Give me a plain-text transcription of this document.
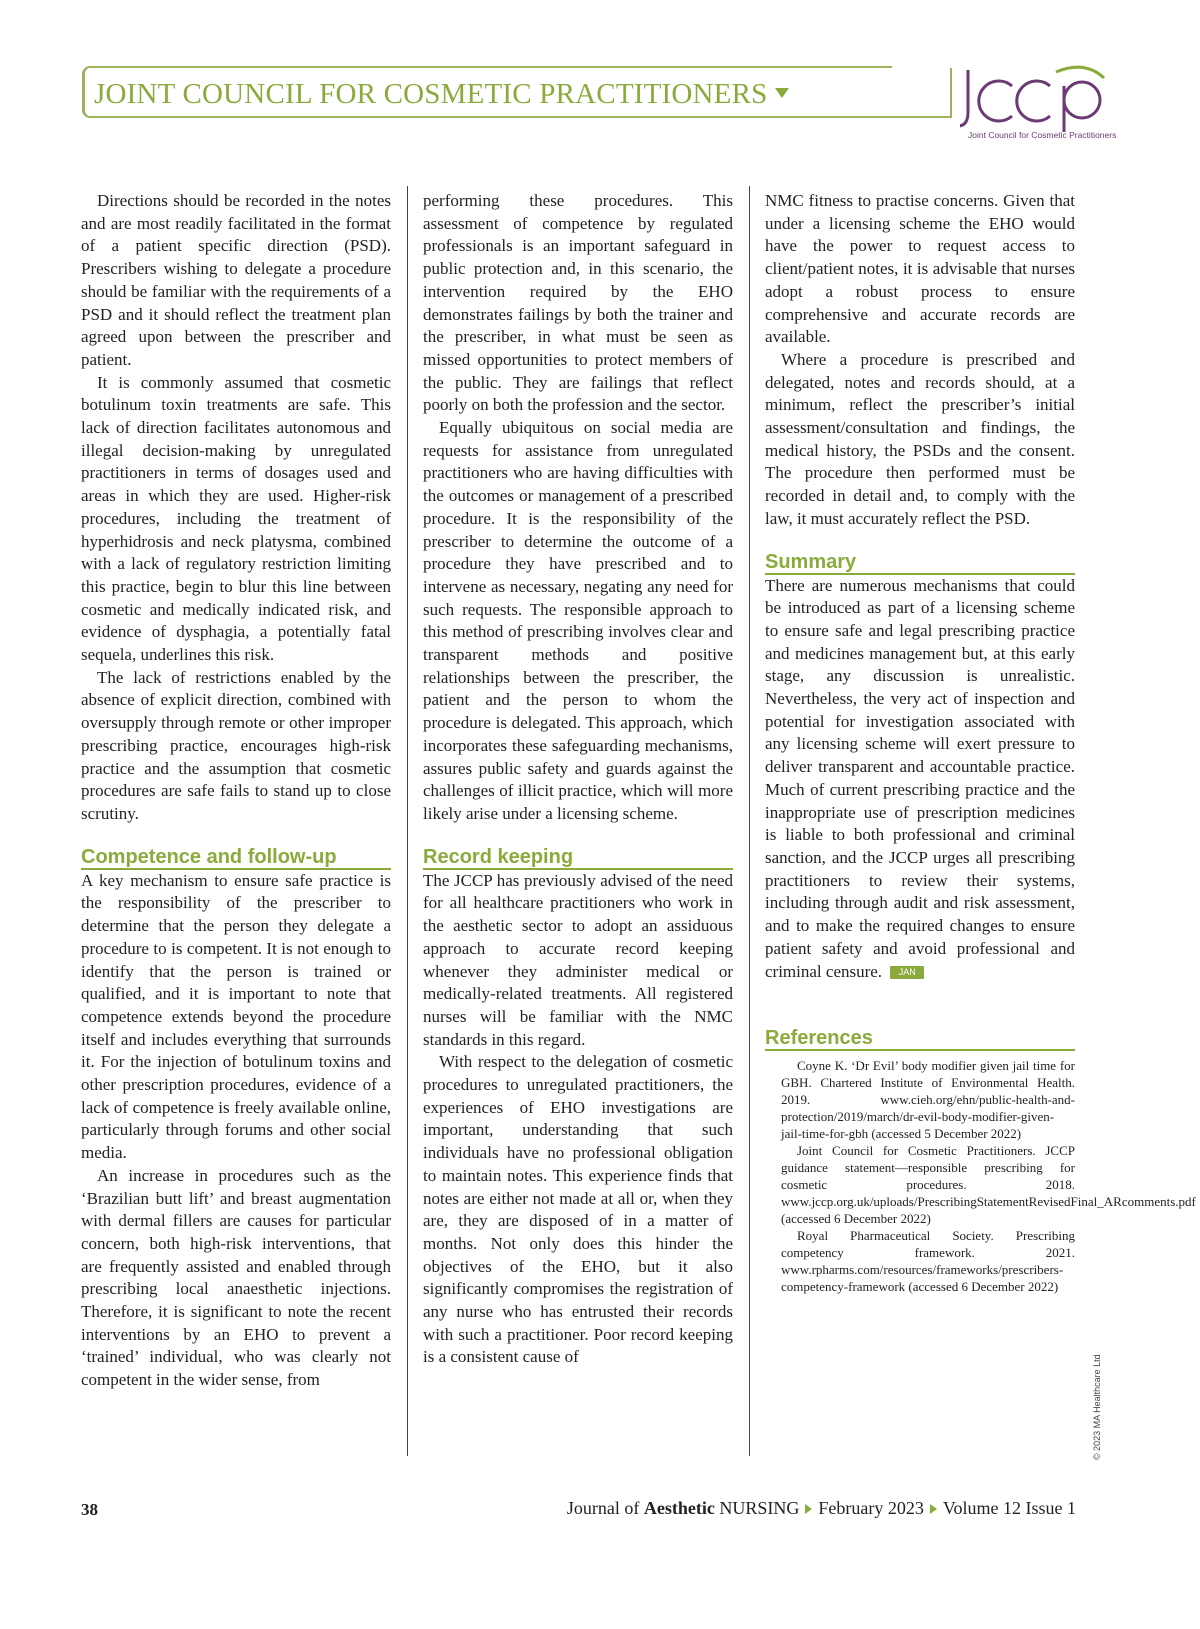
JOINT COUNCIL FOR COSMETIC PRACTITIONERS
Joint Council for Cosmetic Practitioners

Directions should be recorded in the notes and are most readily facilitated in the format of a patient specific direction (PSD). Prescribers wishing to delegate a procedure should be familiar with the requirements of a PSD and it should reflect the treatment plan agreed upon between the prescriber and patient.

It is commonly assumed that cosmetic botulinum toxin treatments are safe. This lack of direction facilitates autonomous and illegal decision-making by unregulated practitioners in terms of dosages used and areas in which they are used. Higher-risk procedures, including the treatment of hyperhidrosis and neck platysma, combined with a lack of regulatory restriction limiting this practice, begin to blur this line between cosmetic and medically indicated risk, and evidence of dysphagia, a potentially fatal sequela, underlines this risk.

The lack of restrictions enabled by the absence of explicit direction, combined with oversupply through remote or other improper prescribing practice, encourages high-risk practice and the assumption that cosmetic procedures are safe fails to stand up to close scrutiny.

Competence and follow-up

A key mechanism to ensure safe practice is the responsibility of the prescriber to determine that the person they delegate a procedure to is competent. It is not enough to identify that the person is trained or qualified, and it is important to note that competence extends beyond the procedure itself and includes everything that surrounds it. For the injection of botulinum toxins and other prescription procedures, evidence of a lack of competence is freely available online, particularly through forums and other social media.

An increase in procedures such as the ‘Brazilian butt lift’ and breast augmentation with dermal fillers are causes for particular concern, both high-risk interventions, that are frequently assisted and enabled through prescribing local anaesthetic injections. Therefore, it is significant to note the recent interventions by an EHO to prevent a ‘trained’ individual, who was clearly not competent in the wider sense, from

performing these procedures. This assessment of competence by regulated professionals is an important safeguard in public protection and, in this scenario, the intervention required by the EHO demonstrates failings by both the trainer and the prescriber, in what must be seen as missed opportunities to protect members of the public. They are failings that reflect poorly on both the profession and the sector.

Equally ubiquitous on social media are requests for assistance from unregulated practitioners who are having difficulties with the outcomes or management of a prescribed procedure. It is the responsibility of the prescriber to determine the outcome of a procedure they have prescribed and to intervene as necessary, negating any need for such requests. The responsible approach to this method of prescribing involves clear and transparent methods and positive relationships between the prescriber, the patient and the person to whom the procedure is delegated. This approach, which incorporates these safeguarding mechanisms, assures public safety and guards against the challenges of illicit practice, which will more likely arise under a licensing scheme.

Record keeping

The JCCP has previously advised of the need for all healthcare practitioners who work in the aesthetic sector to adopt an assiduous approach to accurate record keeping whenever they administer medical or medically-related treatments. All registered nurses will be familiar with the NMC standards in this regard.

With respect to the delegation of cosmetic procedures to unregulated practitioners, the experiences of EHO investigations are important, understanding that such individuals have no professional obligation to maintain notes. This experience finds that notes are either not made at all or, when they are, they are disposed of in a matter of months. Not only does this hinder the objectives of the EHO, but it also significantly compromises the registration of any nurse who has entrusted their records with such a practitioner. Poor record keeping is a consistent cause of

NMC fitness to practise concerns. Given that under a licensing scheme the EHO would have the power to request access to client/patient notes, it is advisable that nurses adopt a robust process to ensure comprehensive and accurate records are available.

Where a procedure is prescribed and delegated, notes and records should, at a minimum, reflect the prescriber’s initial assessment/consultation and findings, the medical history, the PSDs and the consent. The procedure then performed must be recorded in detail and, to comply with the law, it must accurately reflect the PSD.

Summary

There are numerous mechanisms that could be introduced as part of a licensing scheme to ensure safe and legal prescribing practice and medicines management but, at this early stage, any discussion is unrealistic. Nevertheless, the very act of inspection and potential for investigation associated with any licensing scheme will exert pressure to deliver transparent and accountable practice. Much of current prescribing practice and the inappropriate use of prescription medicines is liable to both professional and criminal sanction, and the JCCP urges all prescribing practitioners to review their systems, including through audit and risk assessment, and to make the required changes to ensure patient safety and avoid professional and criminal censure. JAN

References

Coyne K. ‘Dr Evil’ body modifier given jail time for GBH. Chartered Institute of Environmental Health. 2019. www.cieh.org/ehn/public-health-and-protection/2019/march/dr-evil-body-modifier-given-jail-time-for-gbh (accessed 5 December 2022)

Joint Council for Cosmetic Practitioners. JCCP guidance statement—responsible prescribing for cosmetic procedures. 2018. www.jccp.org.uk/uploads/PrescribingStatementRevisedFinal_ARcomments.pdf (accessed 6 December 2022)

Royal Pharmaceutical Society. Prescribing competency framework. 2021. www.rpharms.com/resources/frameworks/prescribers-competency-framework (accessed 6 December 2022)

© 2023 MA Healthcare Ltd
38	Journal of Aesthetic NURSING February 2023 Volume 12 Issue 1
